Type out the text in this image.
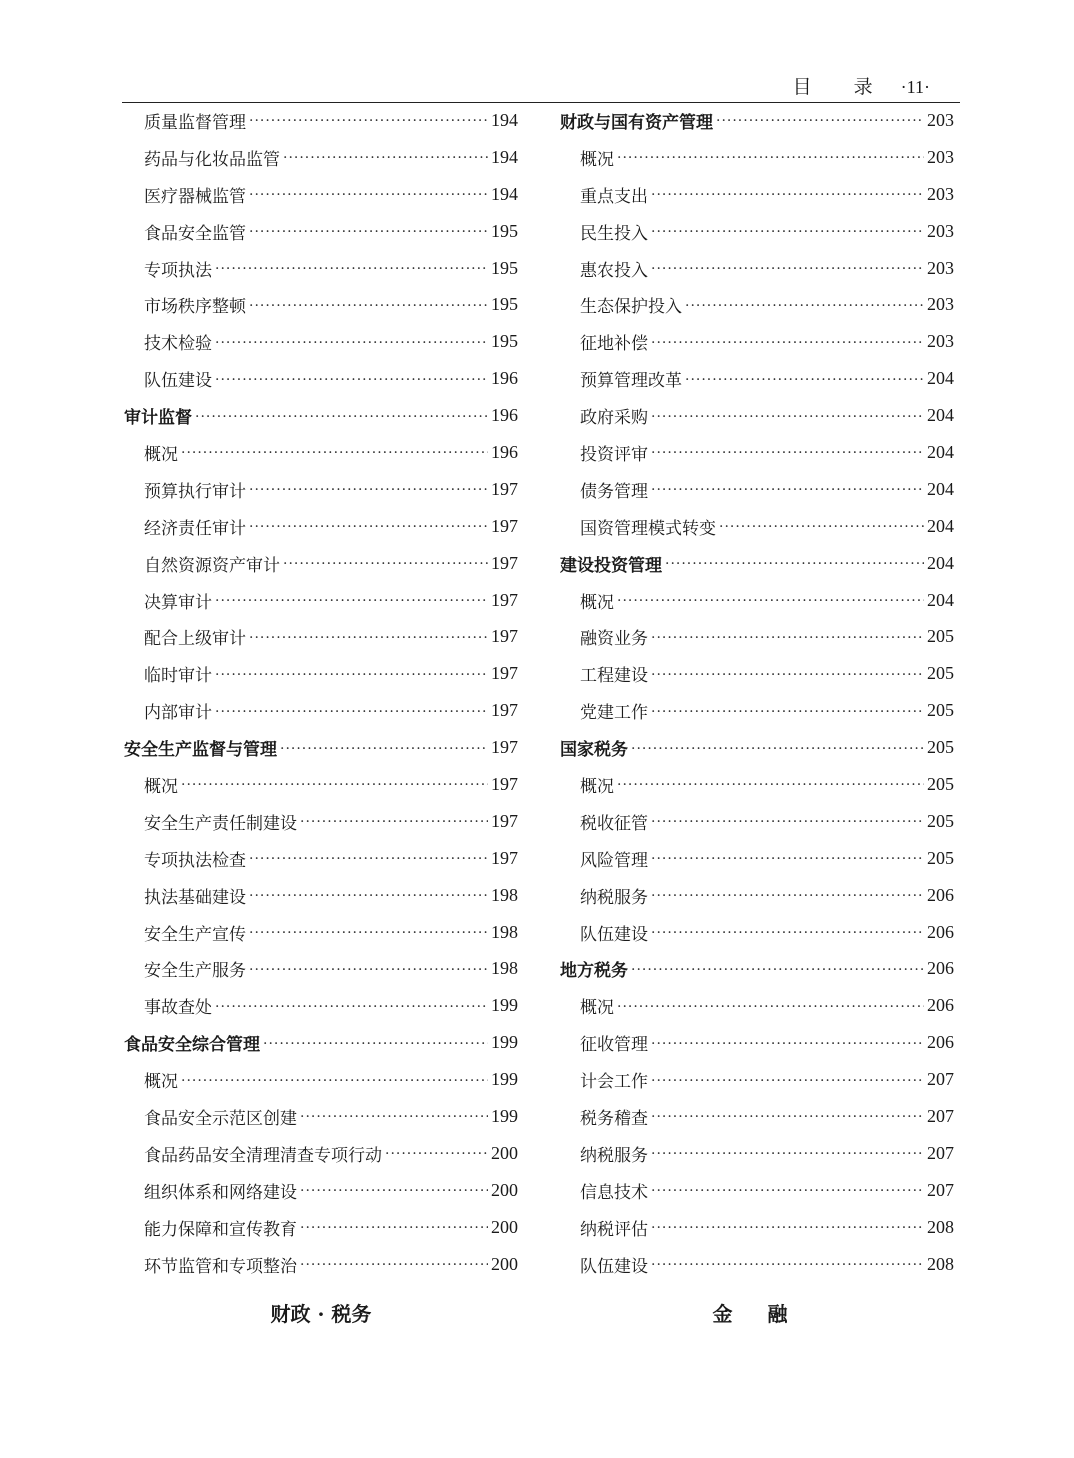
目 录 ·11·
质量监督管理 ·····	194
药品与化妆品监管 ·····	194
医疗器械监管 ·····	194
食品安全监管 ·····	195
专项执法 ·····	195
市场秩序整顿 ·····	195
技术检验 ·····	195
队伍建设 ·····	196
审计监督 ·····	196
概况 ·····	196
预算执行审计 ·····	197
经济责任审计 ·····	197
自然资源资产审计 ·····	197
决算审计 ·····	197
配合上级审计 ·····	197
临时审计 ·····	197
内部审计 ·····	197
安全生产监督与管理 ·····	197
概况 ·····	197
安全生产责任制建设 ·····	197
专项执法检查 ·····	197
执法基础建设 ·····	198
安全生产宣传 ·····	198
安全生产服务 ·····	198
事故查处 ·····	199
食品安全综合管理 ·····	199
概况 ·····	199
食品安全示范区创建 ·····	199
食品药品安全清理清查专项行动 ·····	200
组织体系和网络建设 ·····	200
能力保障和宣传教育 ·····	200
环节监管和专项整治 ·····	200
财政与国有资产管理 ·····	203
概况 ·····	203
重点支出 ·····	203
民生投入 ·····	203
惠农投入 ·····	203
生态保护投入 ·····	203
征地补偿 ·····	203
预算管理改革 ·····	204
政府采购 ·····	204
投资评审 ·····	204
债务管理 ·····	204
国资管理模式转变 ·····	204
建设投资管理 ·····	204
概况 ·····	204
融资业务 ·····	205
工程建设 ·····	205
党建工作 ·····	205
国家税务 ·····	205
概况 ·····	205
税收征管 ·····	205
风险管理 ·····	205
纳税服务 ·····	206
队伍建设 ·····	206
地方税务 ·····	206
概况 ·····	206
征收管理 ·····	206
计会工作 ·····	207
税务稽查 ·····	207
纳税服务 ·····	207
信息技术 ·····	207
纳税评估 ·····	208
队伍建设 ·····	208
财政 · 税务	金 融
